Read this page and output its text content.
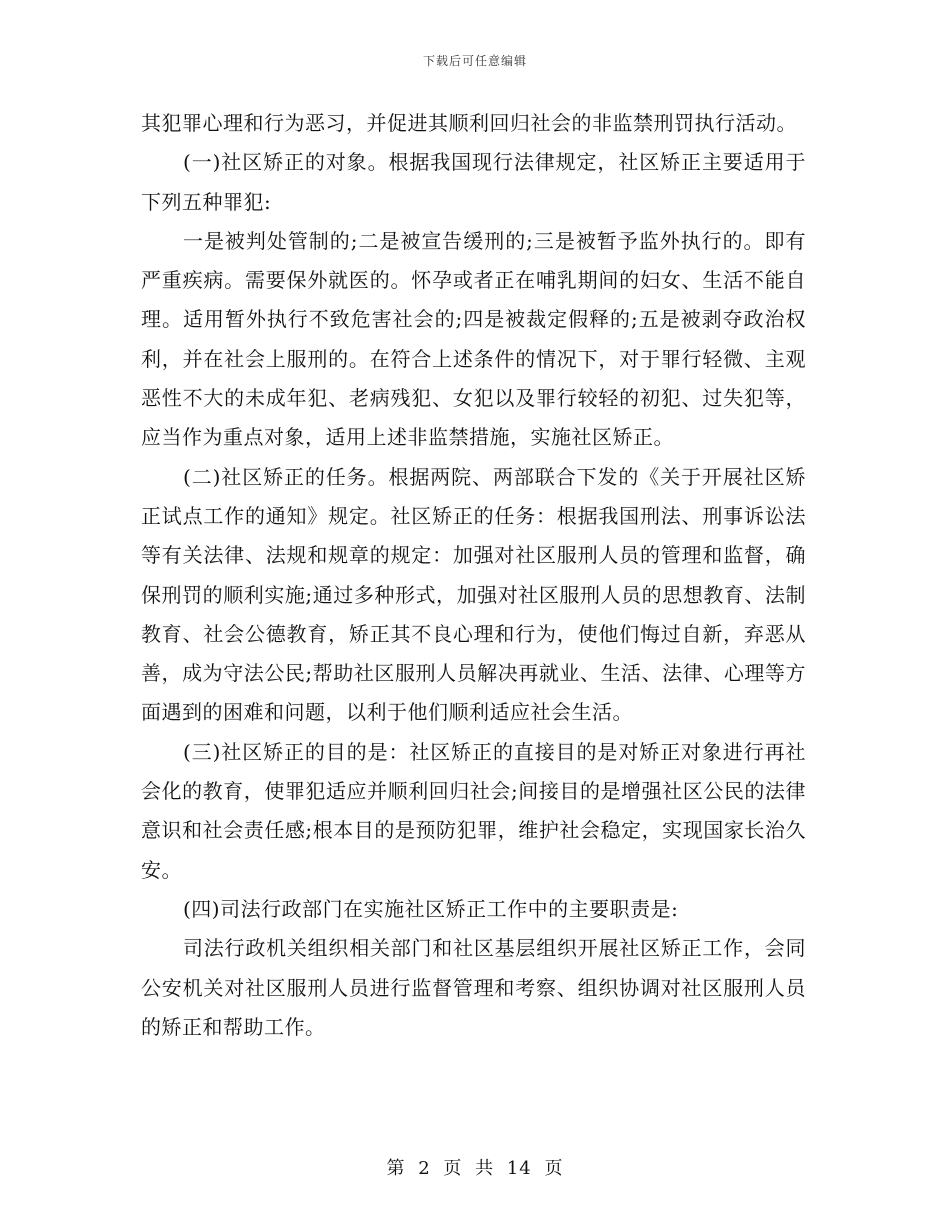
下载后可任意编辑

其犯罪心理和行为恶习，并促进其顺利回归社会的非监禁刑罚执行活动。

(一)社区矫正的对象。根据我国现行法律规定，社区矫正主要适用于下列五种罪犯:

一是被判处管制的;二是被宣告缓刑的;三是被暂予监外执行的。即有严重疾病。需要保外就医的。怀孕或者正在哺乳期间的妇女、生活不能自理。适用暂外执行不致危害社会的;四是被裁定假释的;五是被剥夺政治权利，并在社会上服刑的。在符合上述条件的情况下，对于罪行轻微、主观恶性不大的未成年犯、老病残犯、女犯以及罪行较轻的初犯、过失犯等，应当作为重点对象，适用上述非监禁措施，实施社区矫正。

(二)社区矫正的任务。根据两院、两部联合下发的《关于开展社区矫正试点工作的通知》规定。社区矫正的任务：根据我国刑法、刑事诉讼法等有关法律、法规和规章的规定：加强对社区服刑人员的管理和监督，确保刑罚的顺利实施;通过多种形式，加强对社区服刑人员的思想教育、法制教育、社会公德教育，矫正其不良心理和行为，使他们悔过自新，弃恶从善，成为守法公民;帮助社区服刑人员解决再就业、生活、法律、心理等方面遇到的困难和问题，以利于他们顺利适应社会生活。

(三)社区矫正的目的是：社区矫正的直接目的是对矫正对象进行再社会化的教育，使罪犯适应并顺利回归社会;间接目的是增强社区公民的法律意识和社会责任感;根本目的是预防犯罪，维护社会稳定，实现国家长治久安。

(四)司法行政部门在实施社区矫正工作中的主要职责是:

司法行政机关组织相关部门和社区基层组织开展社区矫正工作，会同公安机关对社区服刑人员进行监督管理和考察、组织协调对社区服刑人员的矫正和帮助工作。

第 2 页 共 14 页
